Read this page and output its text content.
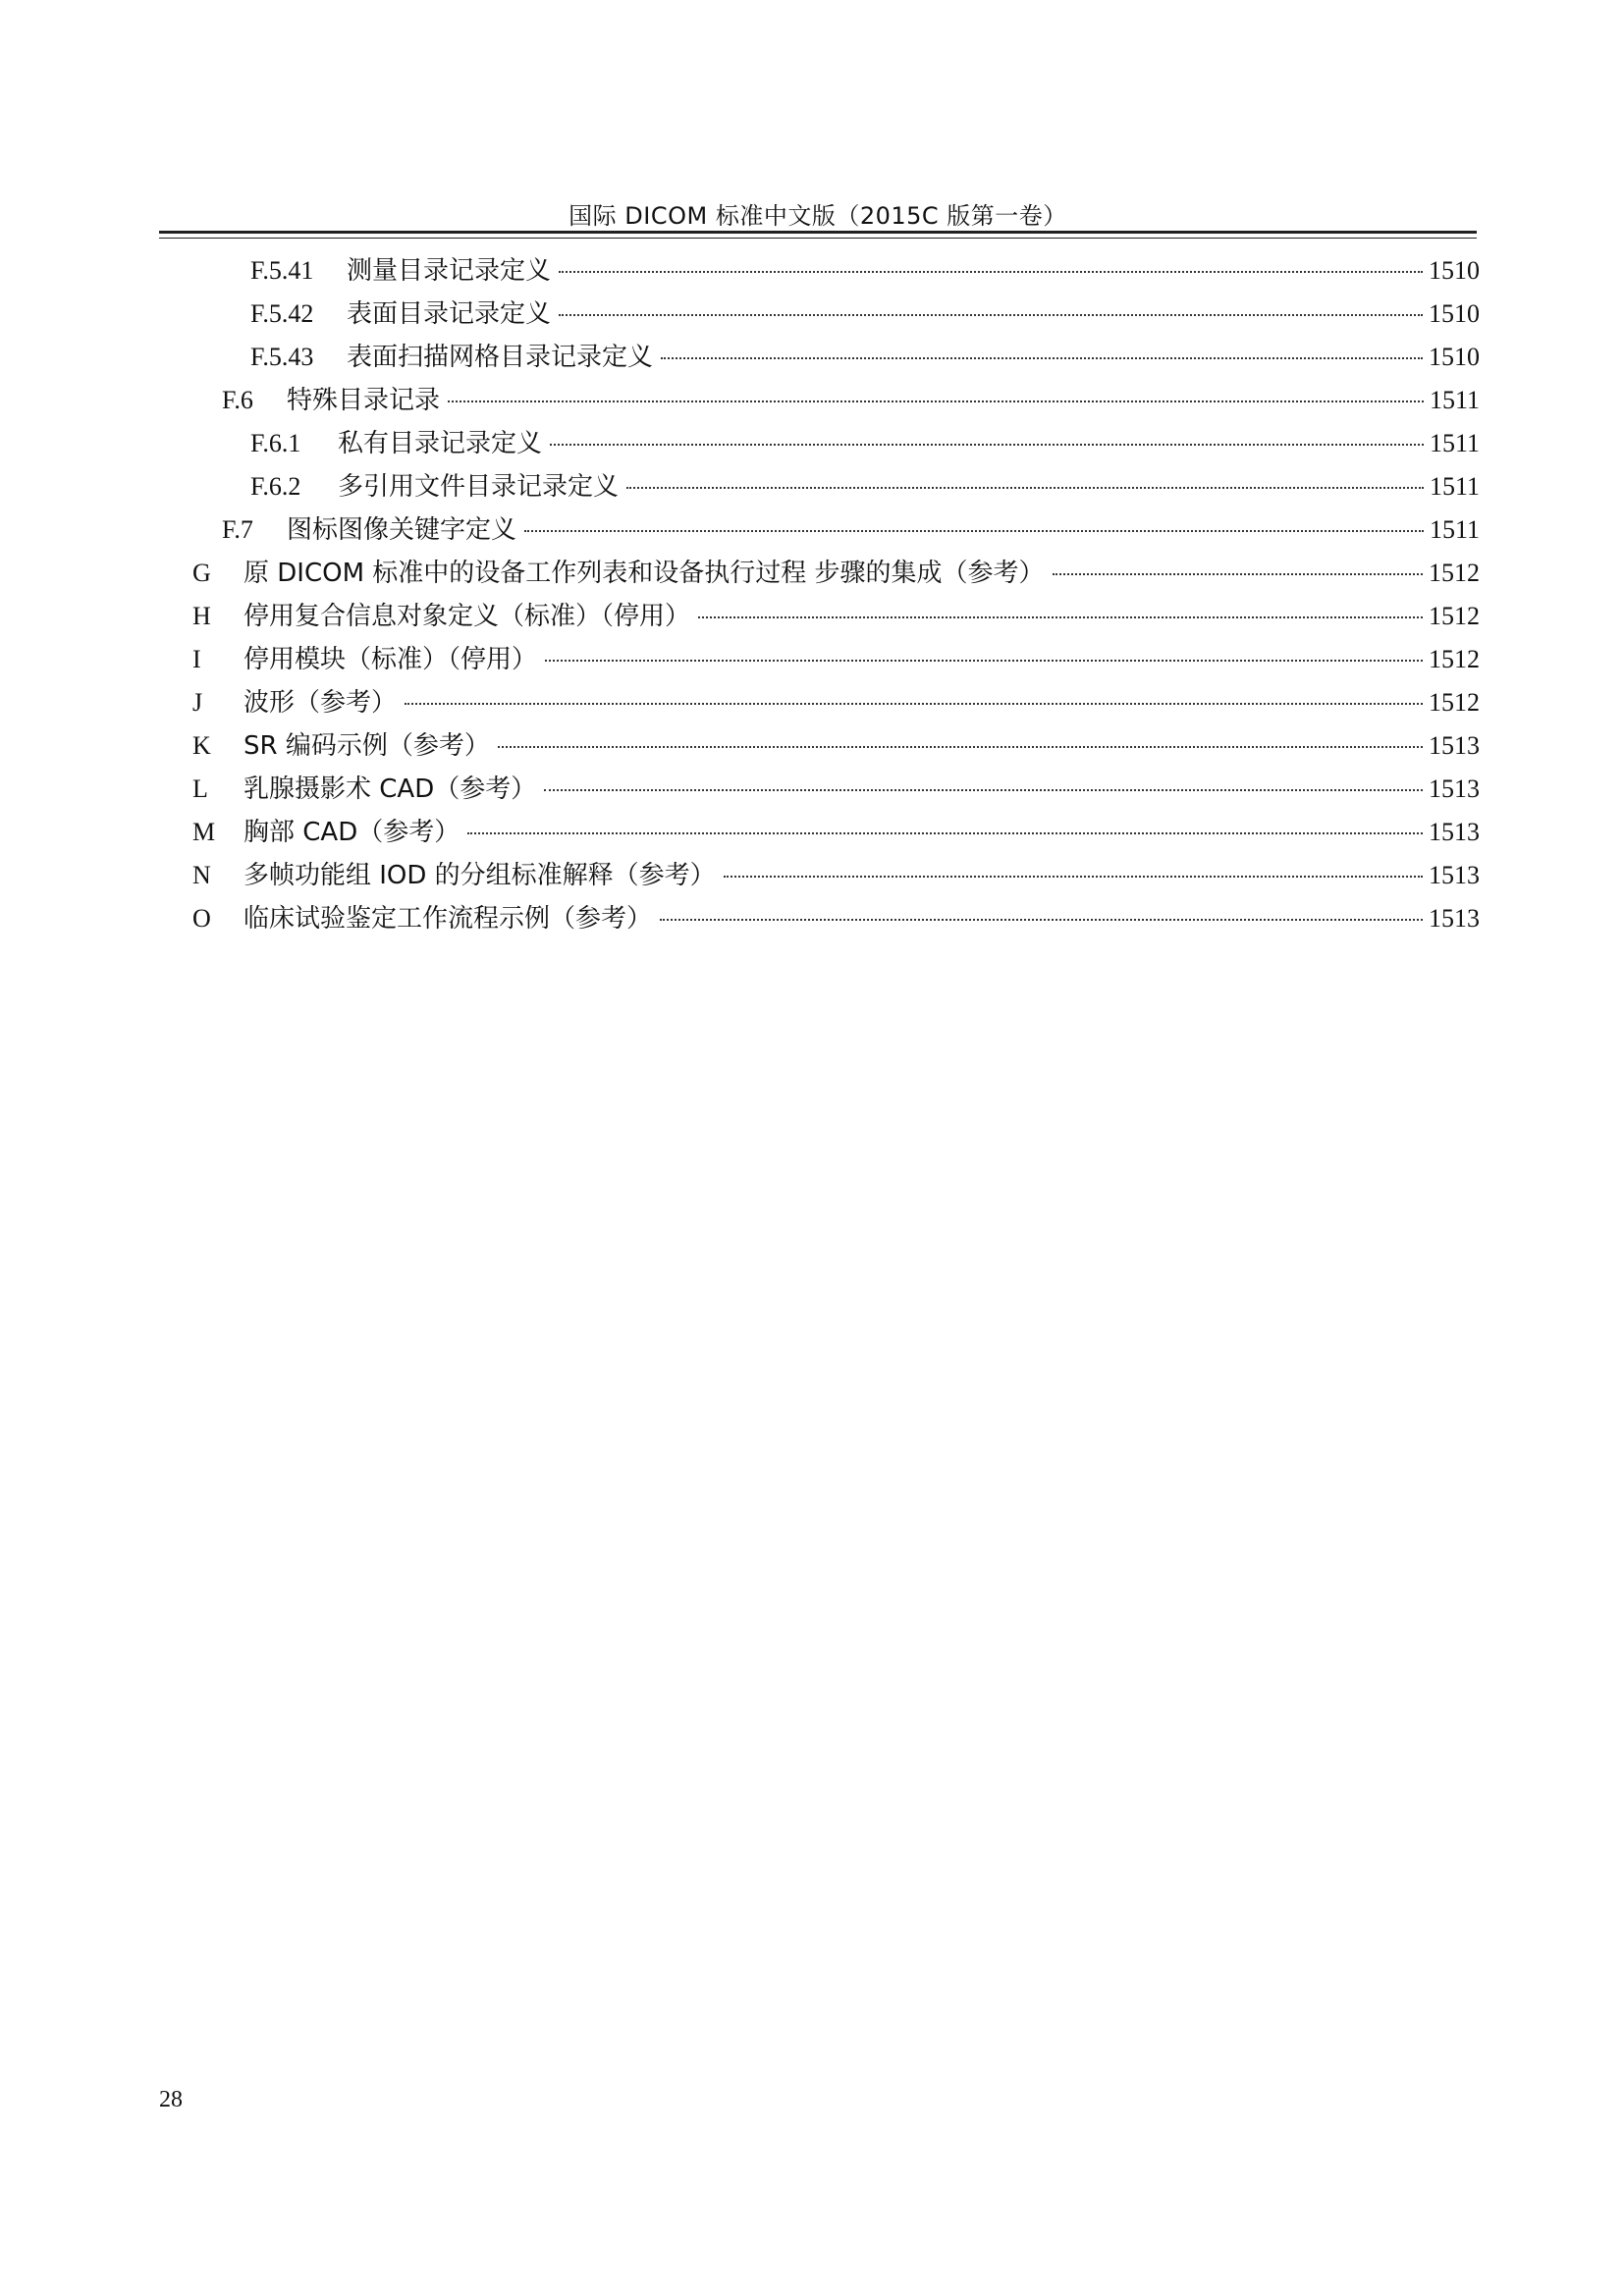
国际 DICOM 标准中文版（2015C 版第一卷）
F.5.41	测量目录记录定义	1510
F.5.42	表面目录记录定义	1510
F.5.43	表面扫描网格目录记录定义	1510
F.6	特殊目录记录	1511
F.6.1	私有目录记录定义	1511
F.6.2	多引用文件目录记录定义	1511
F.7	图标图像关键字定义	1511
G	原 DICOM 标准中的设备工作列表和设备执行过程 步骤的集成（参考）	1512
H	停用复合信息对象定义（标准）（停用）	1512
I	停用模块（标准）（停用）	1512
J	波形（参考）	1512
K	SR 编码示例（参考）	1513
L	乳腺摄影术 CAD（参考）	1513
M	胸部 CAD（参考）	1513
N	多帧功能组 IOD 的分组标准解释（参考）	1513
O	临床试验鉴定工作流程示例（参考）	1513
28
